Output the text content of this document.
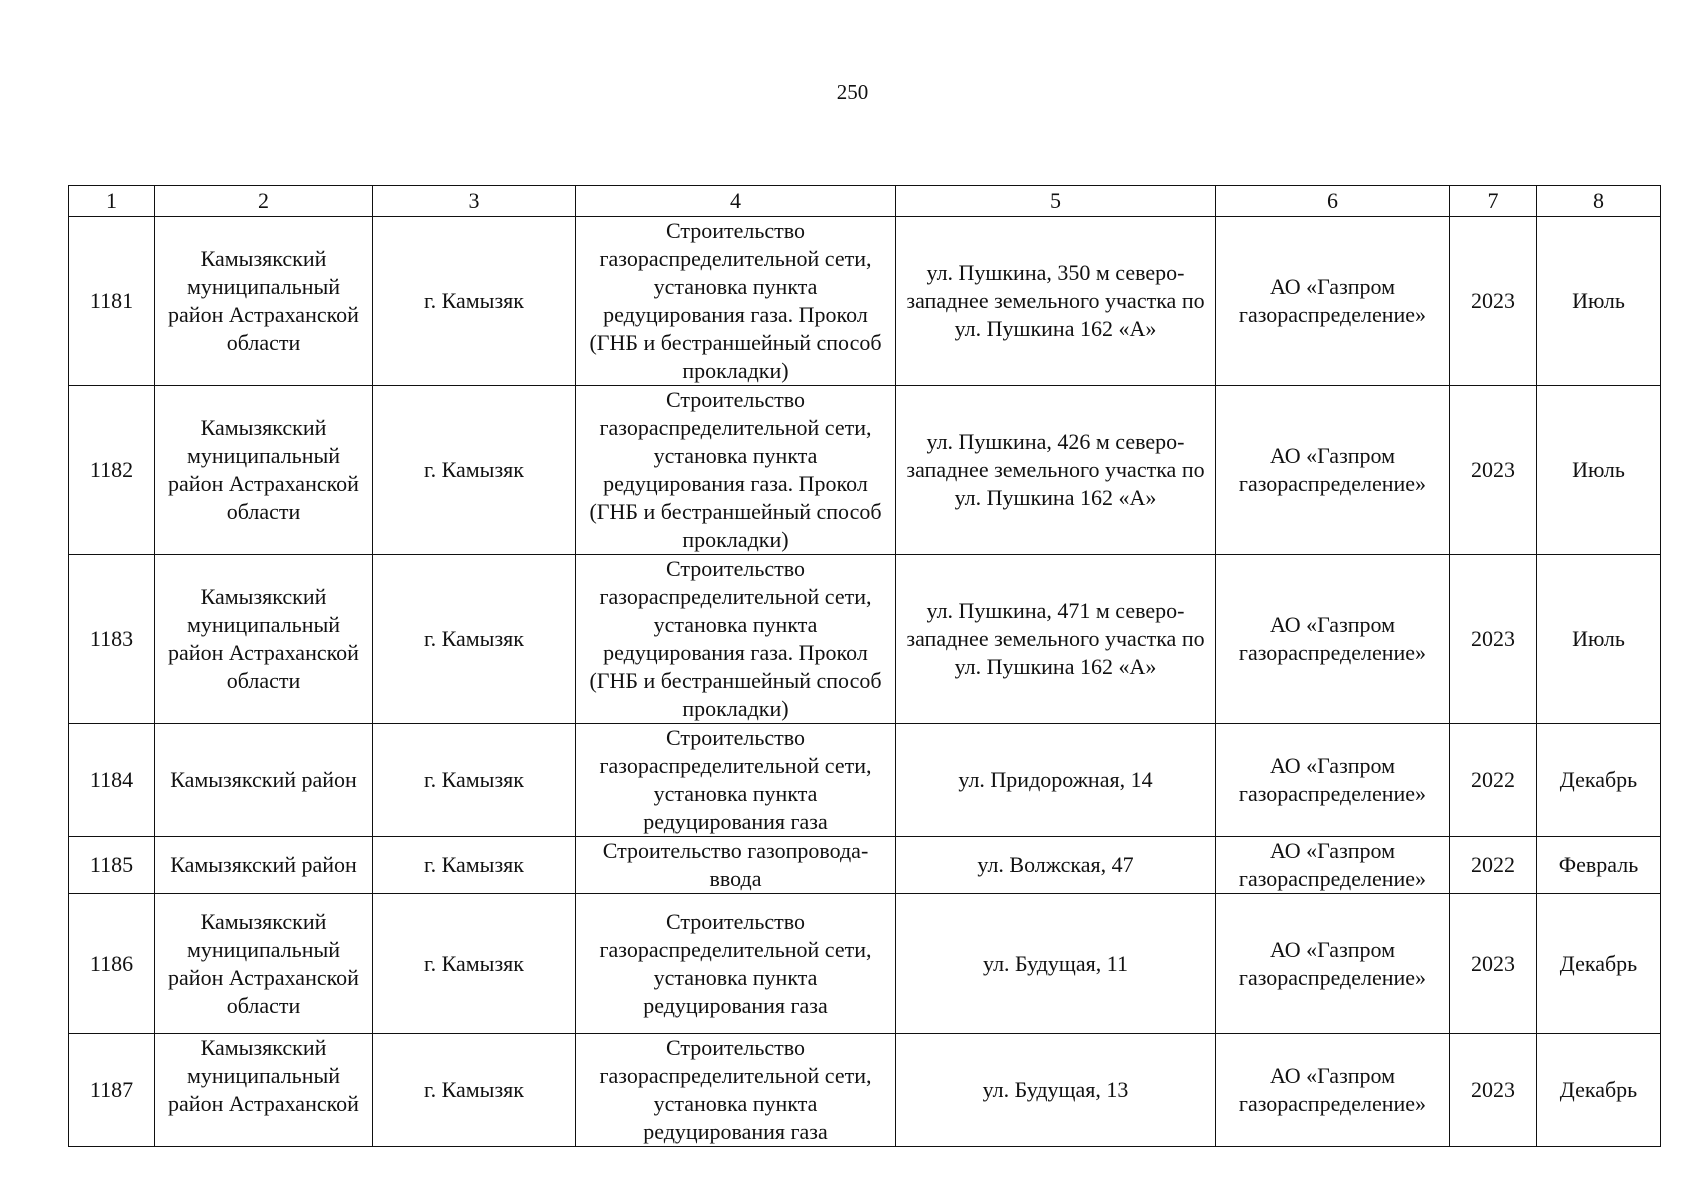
250
1	2	3	4	5	6	7	8
1181	Камызякский муниципальный район Астраханской области	г. Камызяк	Строительство газораспределительной сети, установка пункта редуцирования газа. Прокол (ГНБ и бестраншейный способ прокладки)	ул. Пушкина, 350 м северо-западнее земельного участка по ул. Пушкина 162 «А»	АО «Газпром газораспределение»	2023	Июль
1182	Камызякский муниципальный район Астраханской области	г. Камызяк	Строительство газораспределительной сети, установка пункта редуцирования газа. Прокол (ГНБ и бестраншейный способ прокладки)	ул. Пушкина, 426 м северо-западнее земельного участка по ул. Пушкина 162 «А»	АО «Газпром газораспределение»	2023	Июль
1183	Камызякский муниципальный район Астраханской области	г. Камызяк	Строительство газораспределительной сети, установка пункта редуцирования газа. Прокол (ГНБ и бестраншейный способ прокладки)	ул. Пушкина, 471 м северо-западнее земельного участка по ул. Пушкина 162 «А»	АО «Газпром газораспределение»	2023	Июль
1184	Камызякский район	г. Камызяк	Строительство газораспределительной сети, установка пункта редуцирования газа	ул. Придорожная, 14	АО «Газпром газораспределение»	2022	Декабрь
1185	Камызякский район	г. Камызяк	Строительство газопровода-ввода	ул. Волжская, 47	АО «Газпром газораспределение»	2022	Февраль
1186	Камызякский муниципальный район Астраханской области	г. Камызяк	Строительство газораспределительной сети, установка пункта редуцирования газа	ул. Будущая, 11	АО «Газпром газораспределение»	2023	Декабрь
1187	Камызякский муниципальный район Астраханской	г. Камызяк	Строительство газораспределительной сети, установка пункта редуцирования газа	ул. Будущая, 13	АО «Газпром газораспределение»	2023	Декабрь
